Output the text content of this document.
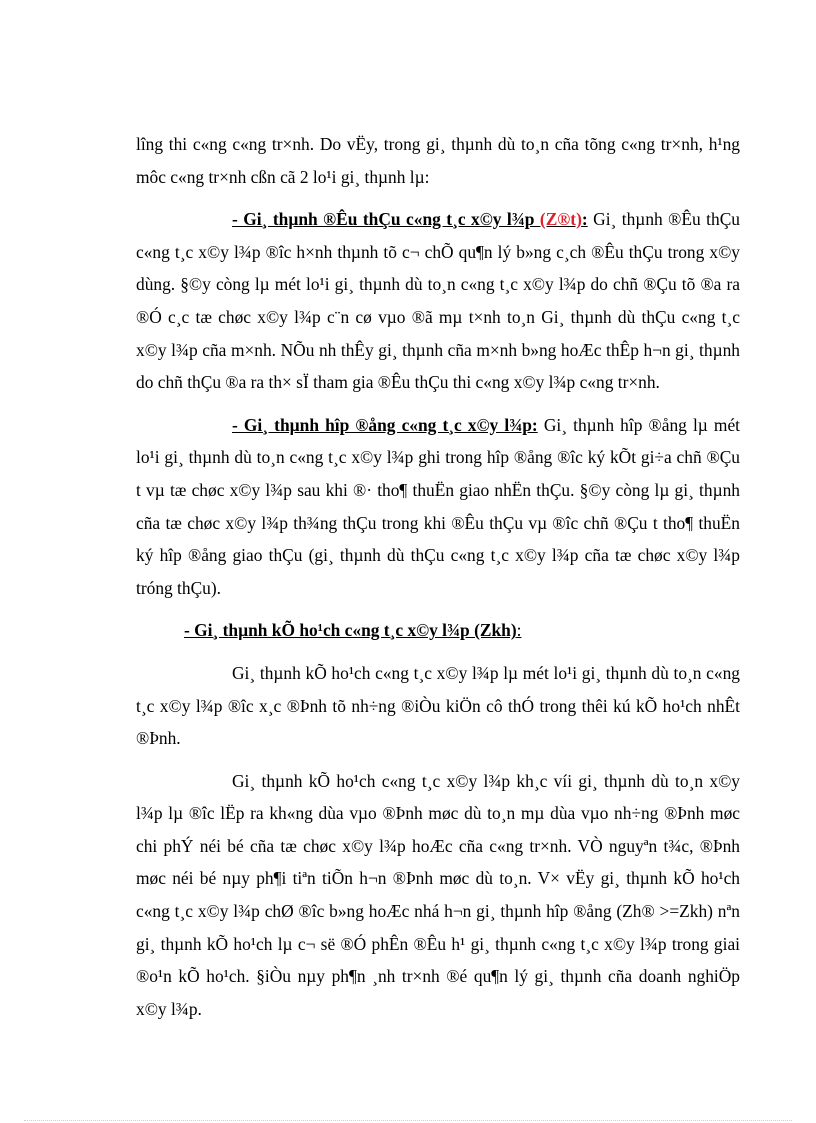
lîng thi c«ng c«ng tr×nh. Do vËy, trong gi¸ thµnh dù to¸n cña tõng c«ng tr×nh, h¹ng môc c«ng tr×nh cßn cã 2 lo¹i gi¸ thµnh lµ:

- Gi¸ thµnh ®Êu thÇu c«ng t¸c x©y l¾p (Z®t): Gi¸ thµnh ®Êu thÇu c«ng t¸c x©y l¾p ®îc h×nh thµnh tõ c¬ chÕ qu¶n lý b»ng c¸ch ®Êu thÇu trong x©y dùng. §©y còng lµ mét lo¹i gi¸ thµnh dù to¸n c«ng t¸c x©y l¾p do chñ ®Çu tõ ®a ra ®Ó c¸c tæ chøc x©y l¾p c¨n cø vµo ®ã mµ t×nh to¸n Gi¸ thµnh dù thÇu c«ng t¸c x©y l¾p cña m×nh. NÕu nh thÊy gi¸ thµnh cña m×nh b»ng hoÆc thÊp h¬n gi¸ thµnh do chñ thÇu ®a ra th× sÏ tham gia ®Êu thÇu thi c«ng x©y l¾p c«ng tr×nh.

- Gi¸ thµnh hîp ®ång c«ng t¸c x©y l¾p: Gi¸ thµnh hîp ®ång lµ mét lo¹i gi¸ thµnh dù to¸n c«ng t¸c x©y l¾p ghi trong hîp ®ång ®îc ký kÕt gi÷a chñ ®Çu t vµ tæ chøc x©y l¾p sau khi ®· tho¶ thuËn giao nhËn thÇu. §©y còng lµ gi¸ thµnh cña tæ chøc x©y l¾p th¾ng thÇu trong khi ®Êu thÇu vµ ®îc chñ ®Çu t tho¶ thuËn ký hîp ®ång giao thÇu (gi¸ thµnh dù thÇu c«ng t¸c x©y l¾p cña tæ chøc x©y l¾p tróng thÇu).

- Gi¸ thµnh kÕ ho¹ch c«ng t¸c x©y l¾p (Zkh):

Gi¸ thµnh kÕ ho¹ch c«ng t¸c x©y l¾p lµ mét lo¹i gi¸ thµnh dù to¸n c«ng t¸c x©y l¾p ®îc x¸c ®Þnh tõ nh÷ng ®iÒu kiÖn cô thÓ trong thêi kú kÕ ho¹ch nhÊt ®Þnh.

Gi¸ thµnh kÕ ho¹ch c«ng t¸c x©y l¾p kh¸c víi gi¸ thµnh dù to¸n x©y l¾p lµ ®îc lËp ra kh«ng dùa vµo ®Þnh møc dù to¸n mµ dùa vµo nh÷ng ®Þnh møc chi phÝ néi bé cña tæ chøc x©y l¾p hoÆc cña c«ng tr×nh. VÒ nguyªn t¾c, ®Þnh møc néi bé nµy ph¶i tiªn tiÕn h¬n ®Þnh møc dù to¸n. V× vËy gi¸ thµnh kÕ ho¹ch c«ng t¸c x©y l¾p chØ ®îc b»ng hoÆc nhá h¬n gi¸ thµnh hîp ®ång (Zh® >=Zkh) nªn gi¸ thµnh kÕ ho¹ch lµ c¬ së ®Ó phÊn ®Êu h¹ gi¸ thµnh c«ng t¸c x©y l¾p trong giai ®o¹n kÕ ho¹ch. §iÒu nµy ph¶n ¸nh tr×nh ®é qu¶n lý gi¸ thµnh cña doanh nghiÖp x©y l¾p.
